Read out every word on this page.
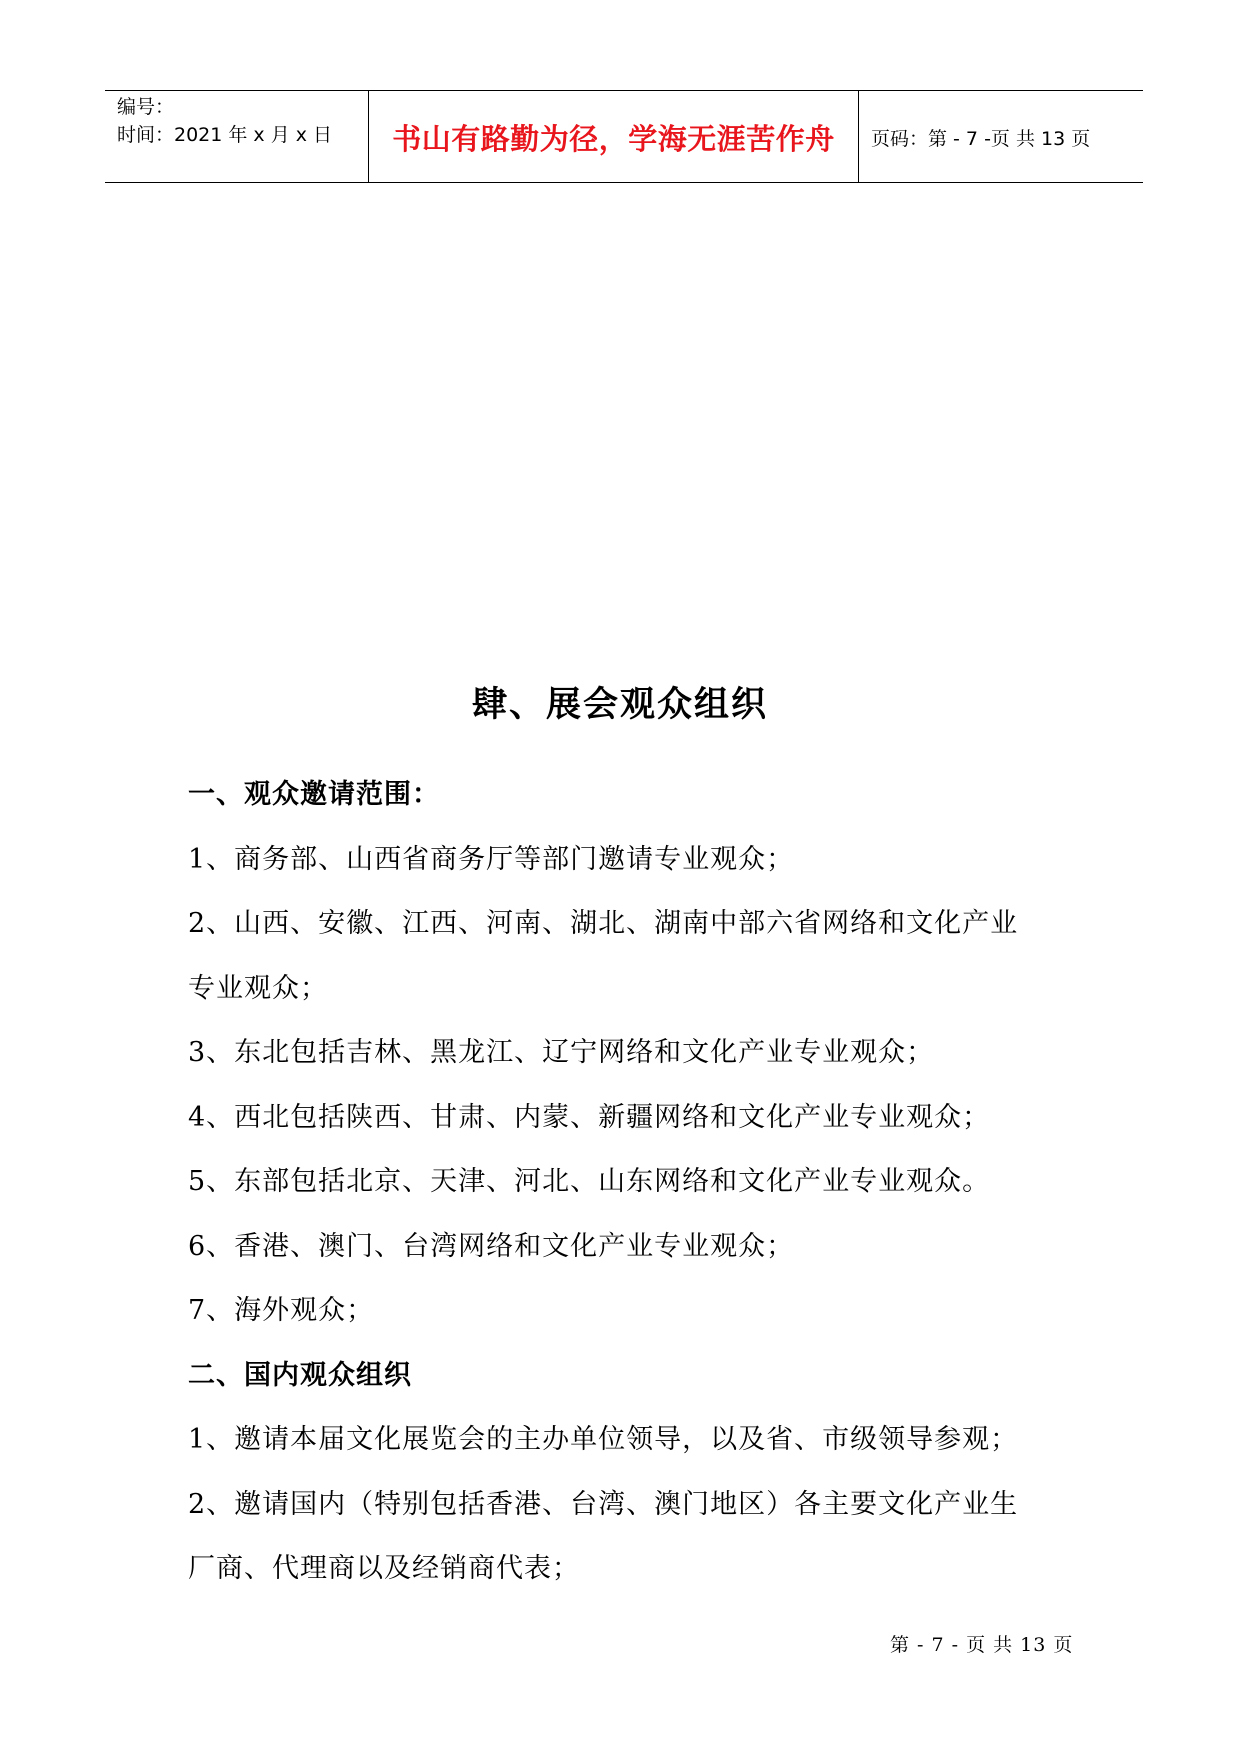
编号：
时间：2021 年 x 月 x 日	书山有路勤为径，学海无涯苦作舟	页码：第 - 7 -页 共 13 页
肆、展会观众组织

一、观众邀请范围：

1、商务部、山西省商务厅等部门邀请专业观众；

2、山西、安徽、江西、河南、湖北、湖南中部六省网络和文化产业

专业观众；

3、东北包括吉林、黑龙江、辽宁网络和文化产业专业观众；

4、西北包括陕西、甘肃、内蒙、新疆网络和文化产业专业观众；

5、东部包括北京、天津、河北、山东网络和文化产业专业观众。

6、香港、澳门、台湾网络和文化产业专业观众；

7、海外观众；

二、国内观众组织

1、邀请本届文化展览会的主办单位领导，以及省、市级领导参观；

2、邀请国内（特别包括香港、台湾、澳门地区）各主要文化产业生

厂商、代理商以及经销商代表；

第 - 7 - 页 共 13 页
